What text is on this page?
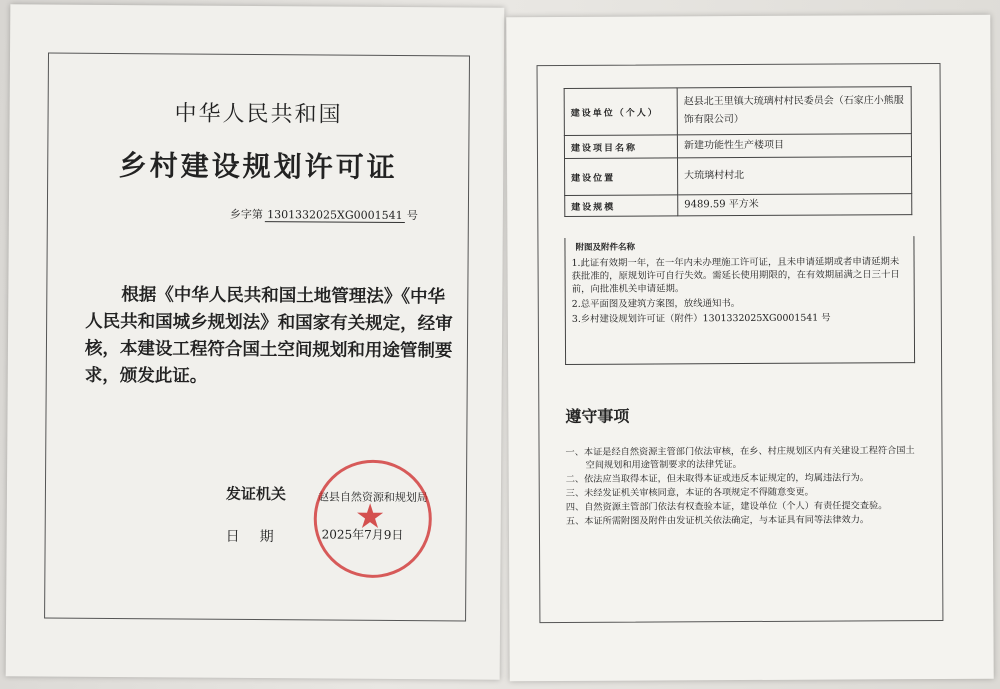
中华人民共和国
乡村建设规划许可证
乡字第 1301332025XG0001541 号
根据《中华人民共和国土地管理法》《中华人民共和国城乡规划法》和国家有关规定，经审核，本建设工程符合国土空间规划和用途管制要求，颁发此证。
发证机关	赵县自然资源和规划局
日期 2025年7月9日
★
建设单位（个人）	赵县北王里镇大琉璃村村民委员会（石家庄小熊服饰有限公司）
建设项目名称	新建功能性生产楼项目
建设位置	大琉璃村村北
建设规模	9489.59 平方米
附图及附件名称
1.此证有效期一年，在一年内未办理施工许可证，且未申请延期或者申请延期未获批准的，原规划许可自行失效。需延长使用期限的，在有效期届满之日三十日前，向批准机关申请延期。
2.总平面图及建筑方案图，放线通知书。
3.乡村建设规划许可证（附件）1301332025XG0001541 号
遵守事项
一、本证是经自然资源主管部门依法审核，在乡、村庄规划区内有关建设工程符合国土空间规划和用途管制要求的法律凭证。
二、依法应当取得本证，但未取得本证或违反本证规定的，均属违法行为。
三、未经发证机关审核同意，本证的各项规定不得随意变更。
四、自然资源主管部门依法有权查验本证，建设单位（个人）有责任提交查验。
五、本证所需附图及附件由发证机关依法确定，与本证具有同等法律效力。
